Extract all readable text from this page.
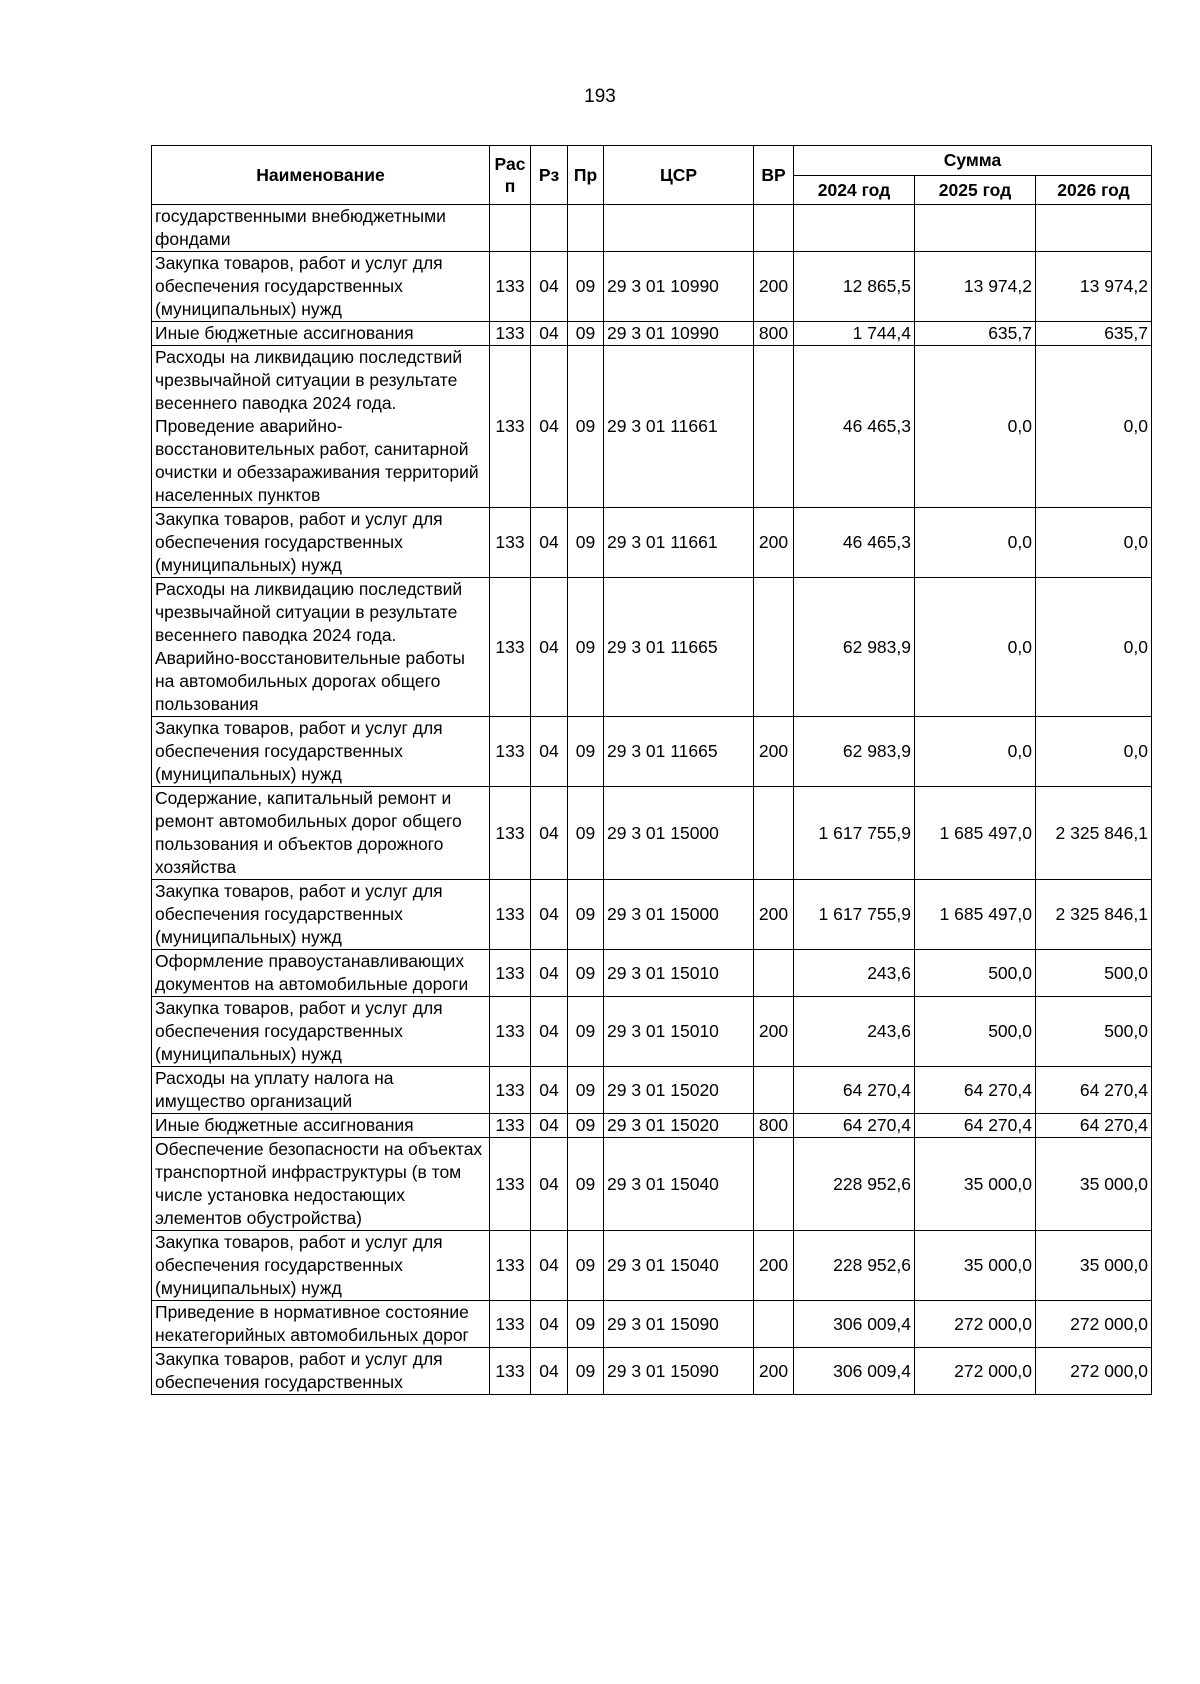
193
Наименование	Рас п	Рз	Пр	ЦСР	ВР	Сумма		
						2024 год	2025 год	2026 год
государственными внебюджетными фондами								
Закупка товаров, работ и услуг для обеспечения государственных (муниципальных) нужд	133	04	09	29 3 01 10990	200	12 865,5	13 974,2	13 974,2
Иные бюджетные ассигнования	133	04	09	29 3 01 10990	800	1 744,4	635,7	635,7
Расходы на ликвидацию последствий чрезвычайной ситуации в результате весеннего паводка 2024 года. Проведение аварийно-восстановительных работ, санитарной очистки и обеззараживания территорий населенных пунктов	133	04	09	29 3 01 11661		46 465,3	0,0	0,0
Закупка товаров, работ и услуг для обеспечения государственных (муниципальных) нужд	133	04	09	29 3 01 11661	200	46 465,3	0,0	0,0
Расходы на ликвидацию последствий чрезвычайной ситуации в результате весеннего паводка 2024 года. Аварийно-восстановительные работы на автомобильных дорогах общего пользования	133	04	09	29 3 01 11665		62 983,9	0,0	0,0
Закупка товаров, работ и услуг для обеспечения государственных (муниципальных) нужд	133	04	09	29 3 01 11665	200	62 983,9	0,0	0,0
Содержание, капитальный ремонт и ремонт автомобильных дорог общего пользования и объектов дорожного хозяйства	133	04	09	29 3 01 15000		1 617 755,9	1 685 497,0	2 325 846,1
Закупка товаров, работ и услуг для обеспечения государственных (муниципальных) нужд	133	04	09	29 3 01 15000	200	1 617 755,9	1 685 497,0	2 325 846,1
Оформление правоустанавливающих документов на автомобильные дороги	133	04	09	29 3 01 15010		243,6	500,0	500,0
Закупка товаров, работ и услуг для обеспечения государственных (муниципальных) нужд	133	04	09	29 3 01 15010	200	243,6	500,0	500,0
Расходы на уплату налога на имущество организаций	133	04	09	29 3 01 15020		64 270,4	64 270,4	64 270,4
Иные бюджетные ассигнования	133	04	09	29 3 01 15020	800	64 270,4	64 270,4	64 270,4
Обеспечение безопасности на объектах транспортной инфраструктуры (в том числе установка недостающих элементов обустройства)	133	04	09	29 3 01 15040		228 952,6	35 000,0	35 000,0
Закупка товаров, работ и услуг для обеспечения государственных (муниципальных) нужд	133	04	09	29 3 01 15040	200	228 952,6	35 000,0	35 000,0
Приведение в нормативное состояние некатегорийных автомобильных дорог	133	04	09	29 3 01 15090		306 009,4	272 000,0	272 000,0
Закупка товаров, работ и услуг для обеспечения государственных	133	04	09	29 3 01 15090	200	306 009,4	272 000,0	272 000,0
